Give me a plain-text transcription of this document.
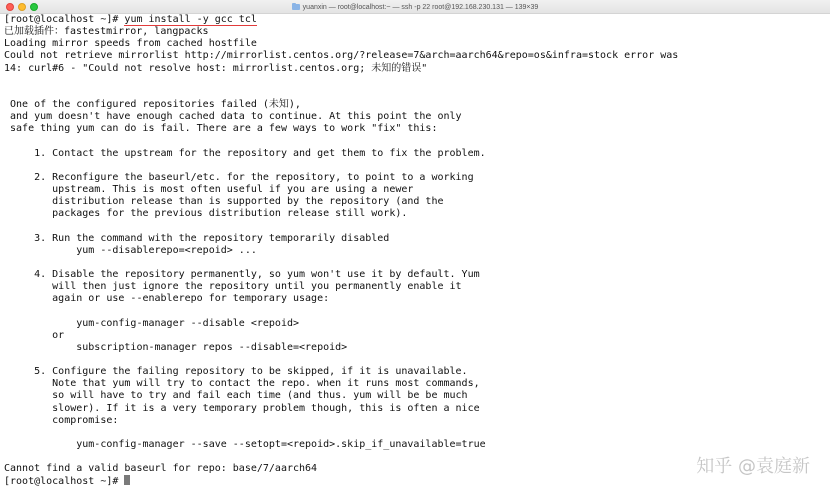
yuanxin — root@localhost:~ — ssh -p 22 root@192.168.230.131 — 139×39
[root@localhost ~]# yum install -y gcc tcl
已加载插件：fastestmirror, langpacks
Loading mirror speeds from cached hostfile
Could not retrieve mirrorlist http://mirrorlist.centos.org/?release=7&arch=aarch64&repo=os&infra=stock error was
14: curl#6 - "Could not resolve host: mirrorlist.centos.org; 未知的错误"
One of the configured repositories failed (未知),
and yum doesn't have enough cached data to continue. At this point the only
safe thing yum can do is fail. There are a few ways to work "fix" this:
1. Contact the upstream for the repository and get them to fix the problem.
2. Reconfigure the baseurl/etc. for the repository, to point to a working
upstream. This is most often useful if you are using a newer
distribution release than is supported by the repository (and the
packages for the previous distribution release still work).
3. Run the command with the repository temporarily disabled
yum --disablerepo=<repoid> ...
4. Disable the repository permanently, so yum won't use it by default. Yum
will then just ignore the repository until you permanently enable it
again or use --enablerepo for temporary usage:
yum-config-manager --disable <repoid>
or
subscription-manager repos --disable=<repoid>
5. Configure the failing repository to be skipped, if it is unavailable.
Note that yum will try to contact the repo. when it runs most commands,
so will have to try and fail each time (and thus. yum will be be much
slower). If it is a very temporary problem though, this is often a nice
compromise:
yum-config-manager --save --setopt=<repoid>.skip_if_unavailable=true
Cannot find a valid baseurl for repo: base/7/aarch64
[root@localhost ~]#
知乎 @袁庭新
